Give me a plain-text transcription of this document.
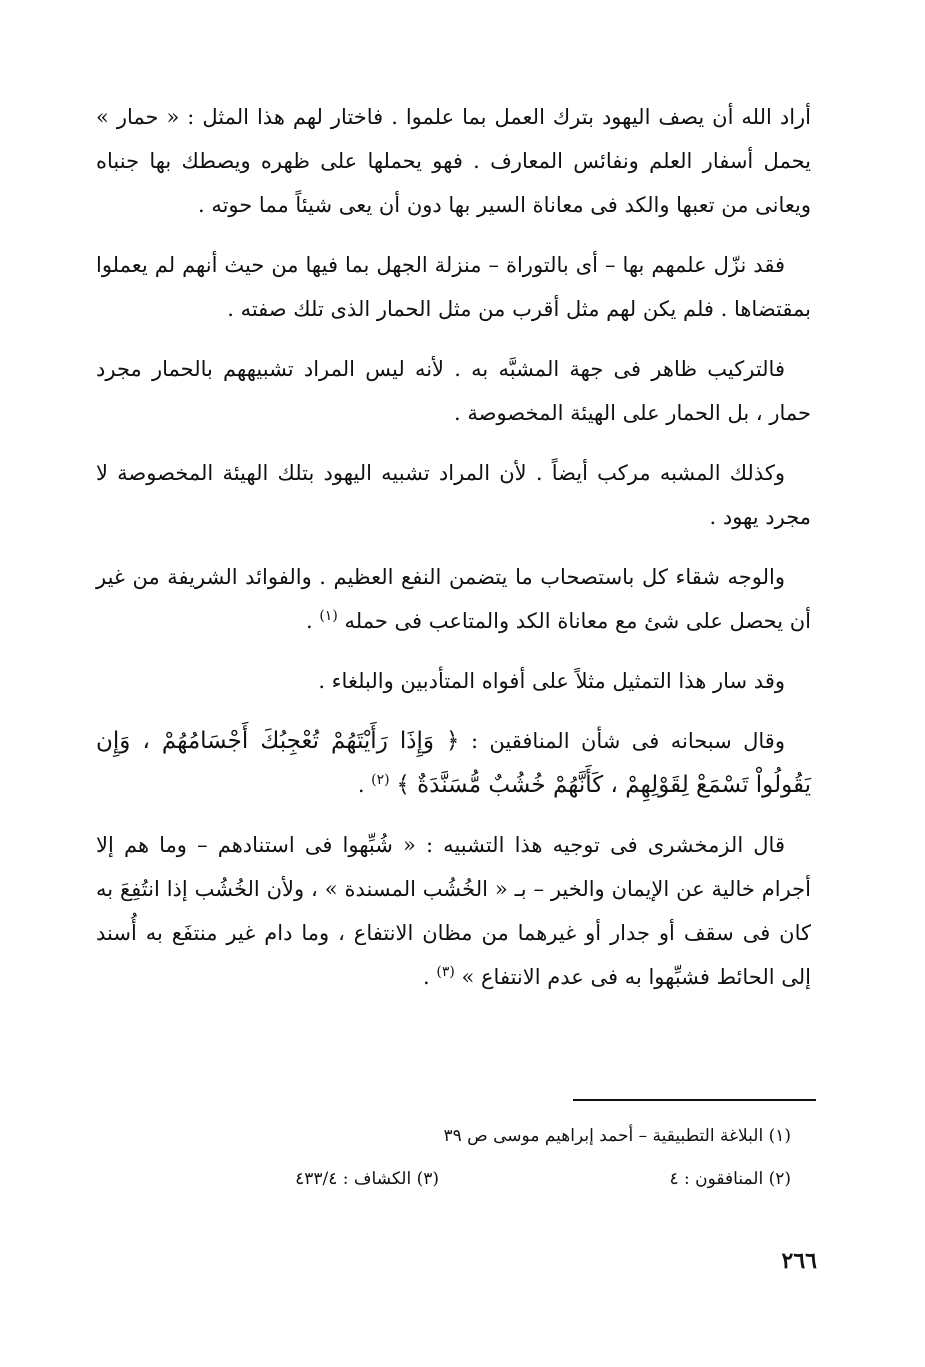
أراد الله أن يصف اليهود بترك العمل بما علموا . فاختار لهم هذا المثل : « حمار » يحمل أسفار العلم ونفائس المعارف . فهو يحملها على ظهره ويصطك بها جنباه ويعانى من تعبها والكد فى معاناة السير بها دون أن يعى شيئاً مما حوته .

فقد نزّل علمهم بها – أى بالتوراة – منزلة الجهل بما فيها من حيث أنهم لم يعملوا بمقتضاها . فلم يكن لهم مثل أقرب من مثل الحمار الذى تلك صفته .

فالتركيب ظاهر فى جهة المشبَّه به . لأنه ليس المراد تشبيههم بالحمار مجرد حمار ، بل الحمار على الهيئة المخصوصة .

وكذلك المشبه مركب أيضاً . لأن المراد تشبيه اليهود بتلك الهيئة المخصوصة لا مجرد يهود .

والوجه شقاء كل باستصحاب ما يتضمن النفع العظيم . والفوائد الشريفة من غير أن يحصل على شئ مع معاناة الكد والمتاعب فى حمله $^{(١)}$ .

وقد سار هذا التمثيل مثلاً على أفواه المتأدبين والبلغاء .

وقال سبحانه فى شأن المنافقين : ﴿ وَإِذَا رَأَيْتَهُمْ تُعْجِبُكَ أَجْسَامُهُمْ ، وَإِن يَقُولُواْ تَسْمَعْ لِقَوْلِهِمْ ، كَأَنَّهُمْ خُشُبٌ مُّسَنَّدَةٌ ﴾ $^{(٢)}$ .

قال الزمخشرى فى توجيه هذا التشبيه : « شُبِّهوا فى استنادهم – وما هم إلا أجرام خالية عن الإيمان والخير – بـ « الخُشُب المسندة » ، ولأن الخُشُب إذا انتُفِعَ به كان فى سقف أو جدار أو غيرهما من مظان الانتفاع ، وما دام غير منتفَع به أُسند إلى الحائط فشبِّهوا به فى عدم الانتفاع » $^{(٣)}$ .

(١) البلاغة التطبيقية – أحمد إبراهيم موسى ص ٣٩
(٢) المنافقون : ٤
(٣) الكشاف : ٤٣٣/٤
٢٦٦
